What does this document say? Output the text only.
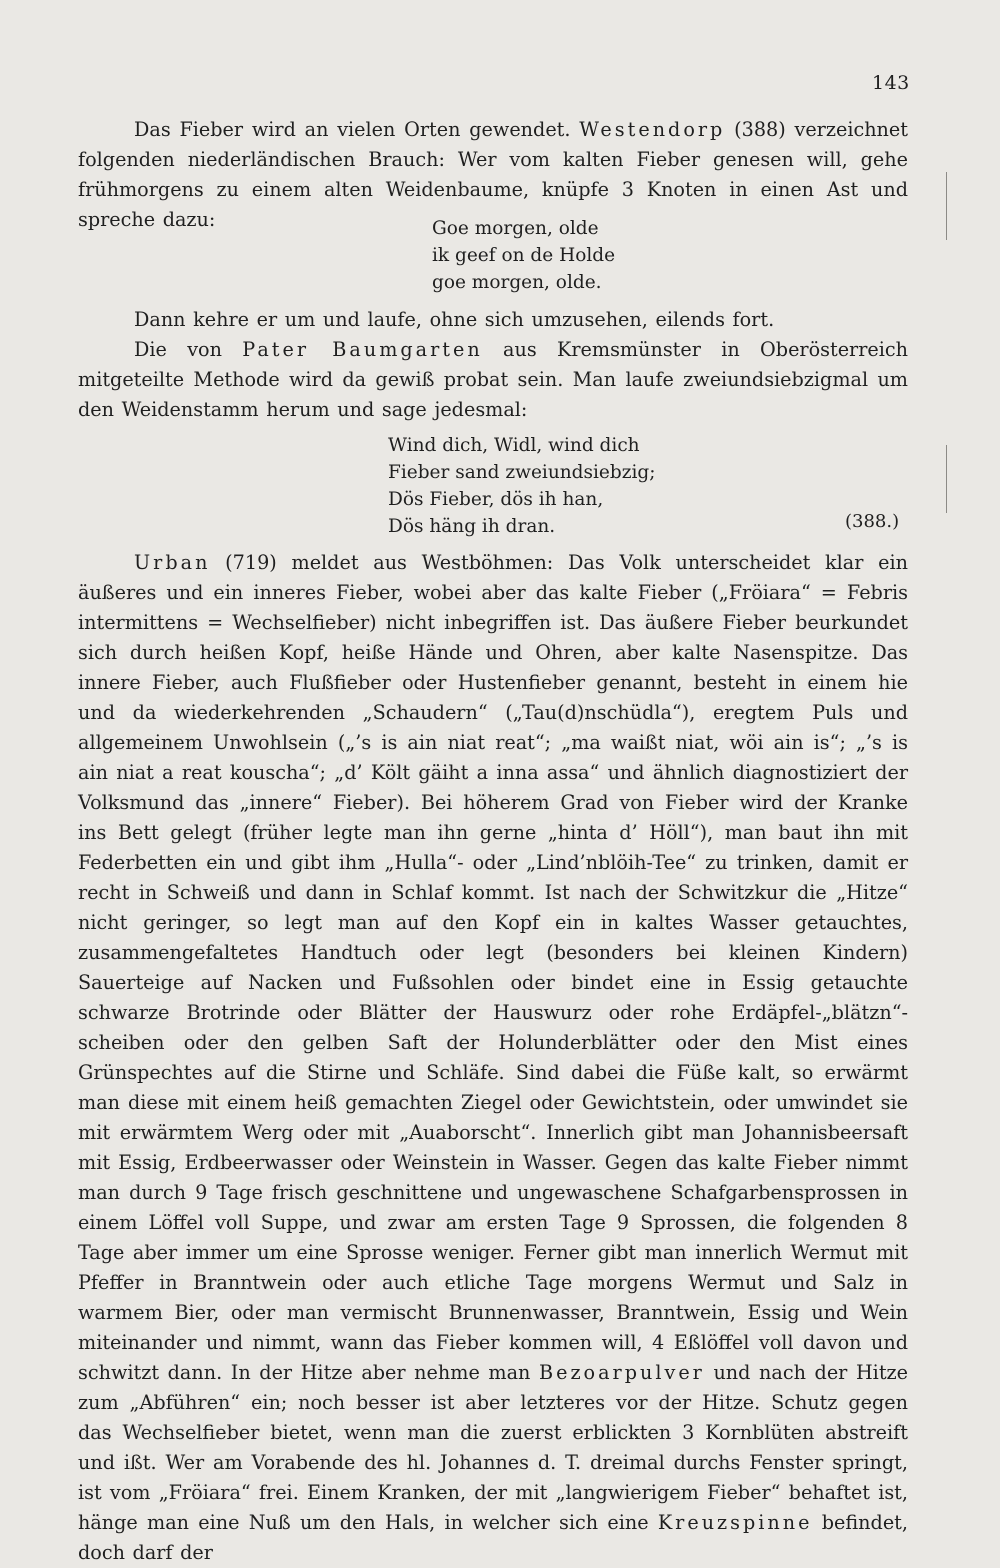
143

Das Fieber wird an vielen Orten gewendet. Westendorp (388) verzeichnet folgenden niederländischen Brauch: Wer vom kalten Fieber genesen will, gehe frühmorgens zu einem alten Weidenbaume, knüpfe 3 Knoten in einen Ast und spreche dazu:	Goe morgen, olde
ik geef on de Holde
goe morgen, olde.

Dann kehre er um und laufe, ohne sich umzusehen, eilends fort.

Die von Pater Baumgarten aus Kremsmünster in Oberösterreich mitgeteilte Methode wird da gewiß probat sein. Man laufe zweiundsiebzigmal um den Weidenstamm herum und sage jedesmal:

Wind dich, Widl, wind dich
Fieber sand zweiundsiebzig;
Dös Fieber, dös ih han,
Dös häng ih dran.	(388.)

Urban (719) meldet aus Westböhmen: Das Volk unterscheidet klar ein äußeres und ein inneres Fieber, wobei aber das kalte Fieber („Fröiara“ = Febris intermittens = Wechselfieber) nicht inbegriffen ist. Das äußere Fieber beurkundet sich durch heißen Kopf, heiße Hände und Ohren, aber kalte Nasenspitze. Das innere Fieber, auch Flußfieber oder Hustenfieber genannt, besteht in einem hie und da wiederkehrenden „Schaudern“ („Tau(d)nschüdla“), eregtem Puls und allgemeinem Unwohlsein („’s is ain niat reat“; „ma waißt niat, wöi ain is“; „’s is ain niat a reat kouscha“; „d’ Költ gäiht a inna assa“ und ähnlich diagnostiziert der Volksmund das „innere“ Fieber). Bei höherem Grad von Fieber wird der Kranke ins Bett gelegt (früher legte man ihn gerne „hinta d’ Höll“), man baut ihn mit Federbetten ein und gibt ihm „Hulla“- oder „Lind’nblöih-Tee“ zu trinken, damit er recht in Schweiß und dann in Schlaf kommt. Ist nach der Schwitzkur die „Hitze“ nicht geringer, so legt man auf den Kopf ein in kaltes Wasser getauchtes, zusammengefaltetes Handtuch oder legt (besonders bei kleinen Kindern) Sauerteige auf Nacken und Fußsohlen oder bindet eine in Essig getauchte schwarze Brotrinde oder Blätter der Hauswurz oder rohe Erdäpfel-„blätzn“-scheiben oder den gelben Saft der Holunderblätter oder den Mist eines Grünspechtes auf die Stirne und Schläfe. Sind dabei die Füße kalt, so erwärmt man diese mit einem heiß gemachten Ziegel oder Gewichtstein, oder umwindet sie mit erwärmtem Werg oder mit „Auaborscht“. Innerlich gibt man Johannisbeersaft mit Essig, Erdbeerwasser oder Weinstein in Wasser. Gegen das kalte Fieber nimmt man durch 9 Tage frisch geschnittene und ungewaschene Schafgarbensprossen in einem Löffel voll Suppe, und zwar am ersten Tage 9 Sprossen, die folgenden 8 Tage aber immer um eine Sprosse weniger. Ferner gibt man innerlich Wermut mit Pfeffer in Branntwein oder auch etliche Tage morgens Wermut und Salz in warmem Bier, oder man vermischt Brunnenwasser, Branntwein, Essig und Wein miteinander und nimmt, wann das Fieber kommen will, 4 Eßlöffel voll davon und schwitzt dann. In der Hitze aber nehme man Bezoarpulver und nach der Hitze zum „Abführen“ ein; noch besser ist aber letzteres vor der Hitze. Schutz gegen das Wechselfieber bietet, wenn man die zuerst erblickten 3 Kornblüten abstreift und ißt. Wer am Vorabende des hl. Johannes d. T. dreimal durchs Fenster springt, ist vom „Fröiara“ frei. Einem Kranken, der mit „langwierigem Fieber“ behaftet ist, hänge man eine Nuß um den Hals, in welcher sich eine Kreuzspinne befindet, doch darf der
